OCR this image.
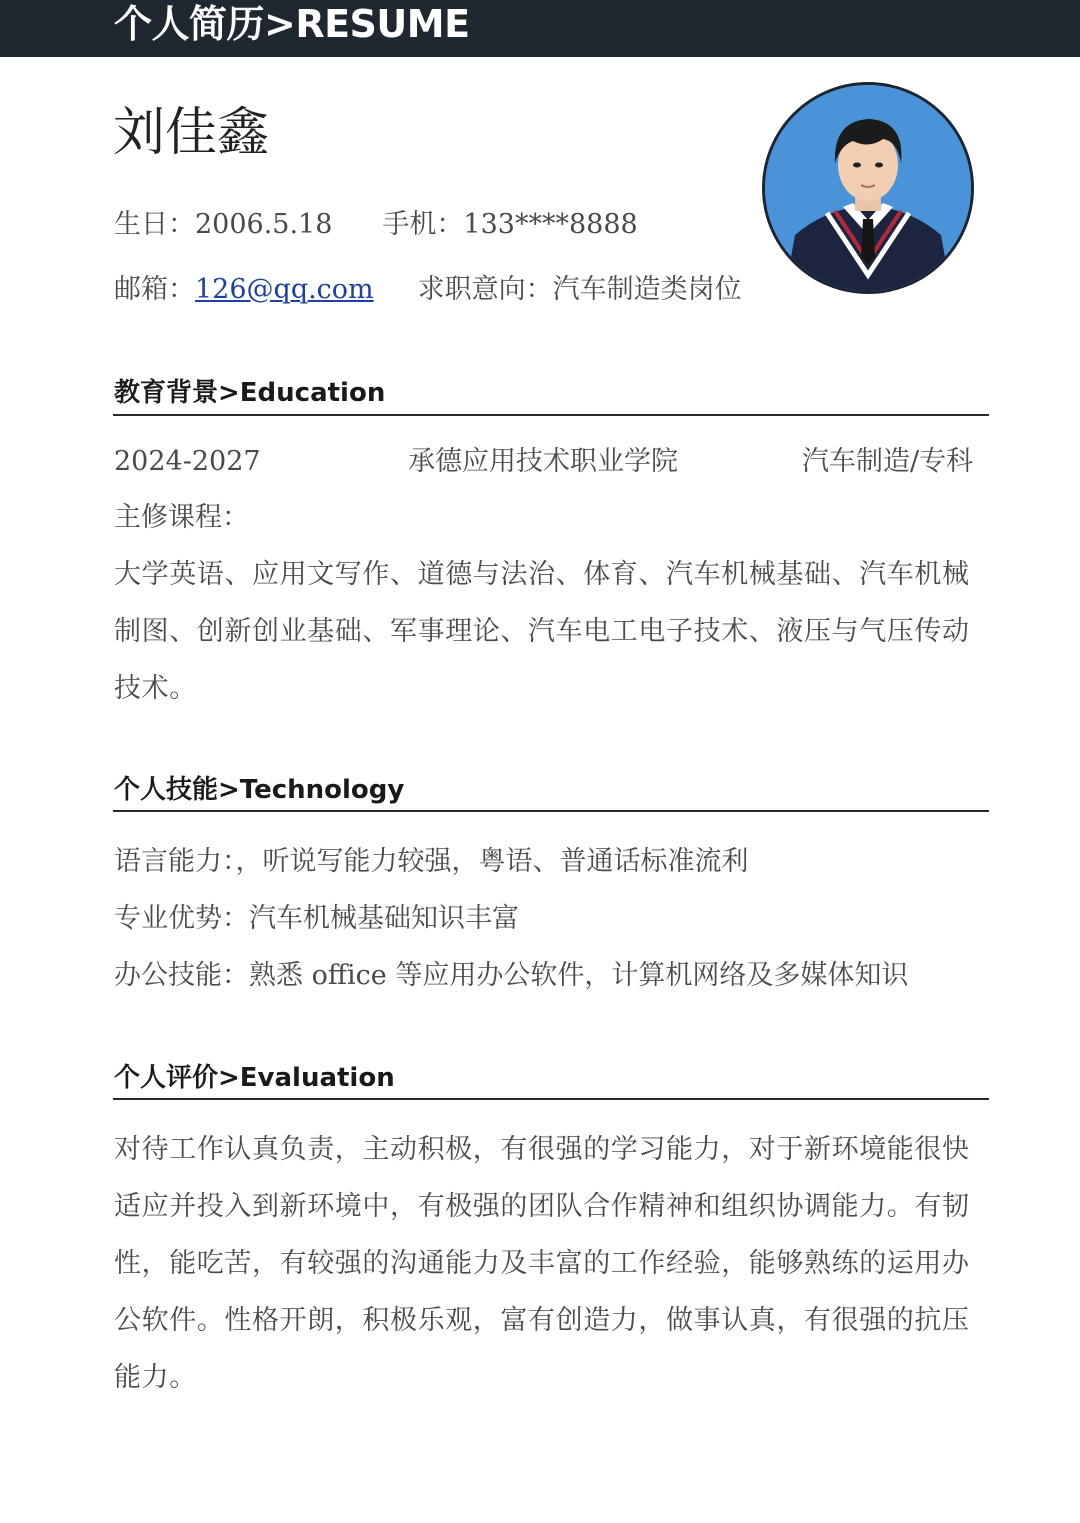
个人简历>RESUME
刘佳鑫
生日：2006.5.18 手机：133****8888
邮箱：126@qq.com 求职意向：汽车制造类岗位
教育背景>Education
2024-2027	承德应用技术职业学院	汽车制造/专科
主修课程：
大学英语、应用文写作、道德与法治、体育、汽车机械基础、汽车机械制图、创新创业基础、军事理论、汽车电工电子技术、液压与气压传动技术。
个人技能>Technology
语言能力：，听说写能力较强，粤语、普通话标准流利
专业优势：汽车机械基础知识丰富
办公技能：熟悉 office 等应用办公软件，计算机网络及多媒体知识
个人评价>Evaluation
对待工作认真负责，主动积极，有很强的学习能力，对于新环境能很快适应并投入到新环境中，有极强的团队合作精神和组织协调能力。有韧性，能吃苦，有较强的沟通能力及丰富的工作经验，能够熟练的运用办公软件。性格开朗，积极乐观，富有创造力，做事认真，有很强的抗压能力。
